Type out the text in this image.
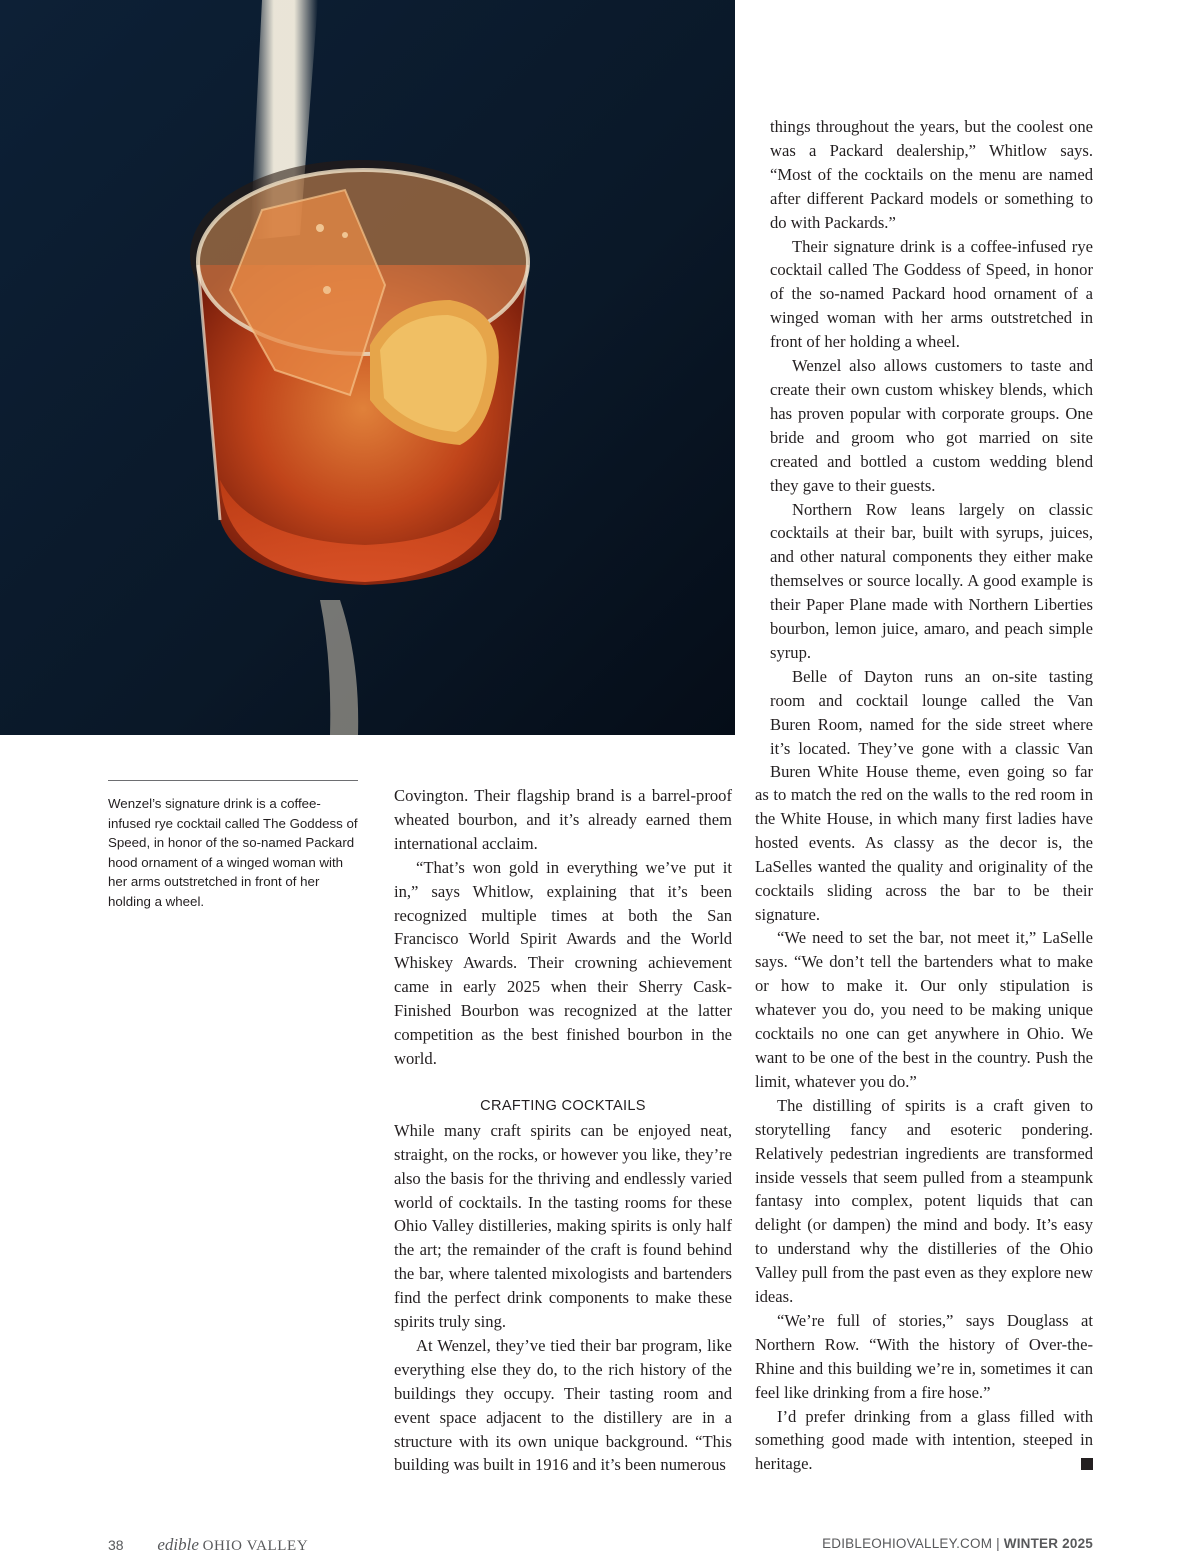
Wenzel’s signature drink is a coffee-infused rye cocktail called The Goddess of Speed, in honor of the so-named Packard hood ornament of a winged woman with her arms outstretched in front of her holding a wheel.

Covington. Their flagship brand is a barrel-proof wheated bourbon, and it’s already earned them international acclaim.

“That’s won gold in everything we’ve put it in,” says Whitlow, explaining that it’s been recognized multiple times at both the San Francisco World Spirit Awards and the World Whiskey Awards. Their crowning achievement came in early 2025 when their Sherry Cask-Finished Bourbon was recognized at the latter competition as the best finished bourbon in the world.

CRAFTING COCKTAILS

While many craft spirits can be enjoyed neat, straight, on the rocks, or however you like, they’re also the basis for the thriving and endlessly varied world of cocktails. In the tasting rooms for these Ohio Valley distilleries, making spirits is only half the art; the remainder of the craft is found behind the bar, where talented mixologists and bartenders find the perfect drink components to make these spirits truly sing.

At Wenzel, they’ve tied their bar program, like everything else they do, to the rich history of the buildings they occupy. Their tasting room and event space adjacent to the distillery are in a structure with its own unique background. “This building was built in 1916 and it’s been numerous

things throughout the years, but the coolest one was a Packard dealership,” Whitlow says. “Most of the cocktails on the menu are named after different Packard models or something to do with Packards.”

Their signature drink is a coffee-infused rye cocktail called The Goddess of Speed, in honor of the so-named Packard hood ornament of a winged woman with her arms outstretched in front of her holding a wheel.

Wenzel also allows customers to taste and create their own custom whiskey blends, which has proven popular with corporate groups. One bride and groom who got married on site created and bottled a custom wedding blend they gave to their guests.

Northern Row leans largely on classic cocktails at their bar, built with syrups, juices, and other natural components they either make themselves or source locally. A good example is their Paper Plane made with Northern Liberties bourbon, lemon juice, amaro, and peach simple syrup.

Belle of Dayton runs an on-site tasting
room and cocktail lounge called the Van
Buren Room, named for the side street where
it’s located. They’ve gone with a classic Van
Buren White House theme, even going so far

as to match the red on the walls to the red room in the White House, in which many first ladies have hosted events. As classy as the decor is, the LaSelles wanted the quality and originality of the cocktails sliding across the bar to be their signature.

“We need to set the bar, not meet it,” LaSelle says. “We don’t tell the bartenders what to make or how to make it. Our only stipulation is whatever you do, you need to be making unique cocktails no one can get anywhere in Ohio. We want to be one of the best in the country. Push the limit, whatever you do.”

The distilling of spirits is a craft given to storytelling fancy and esoteric pondering. Relatively pedestrian ingredients are transformed inside vessels that seem pulled from a steampunk fantasy into complex, potent liquids that can delight (or dampen) the mind and body. It’s easy to understand why the distilleries of the Ohio Valley pull from the past even as they explore new ideas.

“We’re full of stories,” says Douglass at Northern Row. “With the history of Over-the-Rhine and this building we’re in, sometimes it can feel like drinking from a fire hose.”

I’d prefer drinking from a glass filled with something good made with intention, steeped in heritage.

38 edible OHIO VALLEY	EDIBLEOHIOVALLEY.COM | WINTER 2025
